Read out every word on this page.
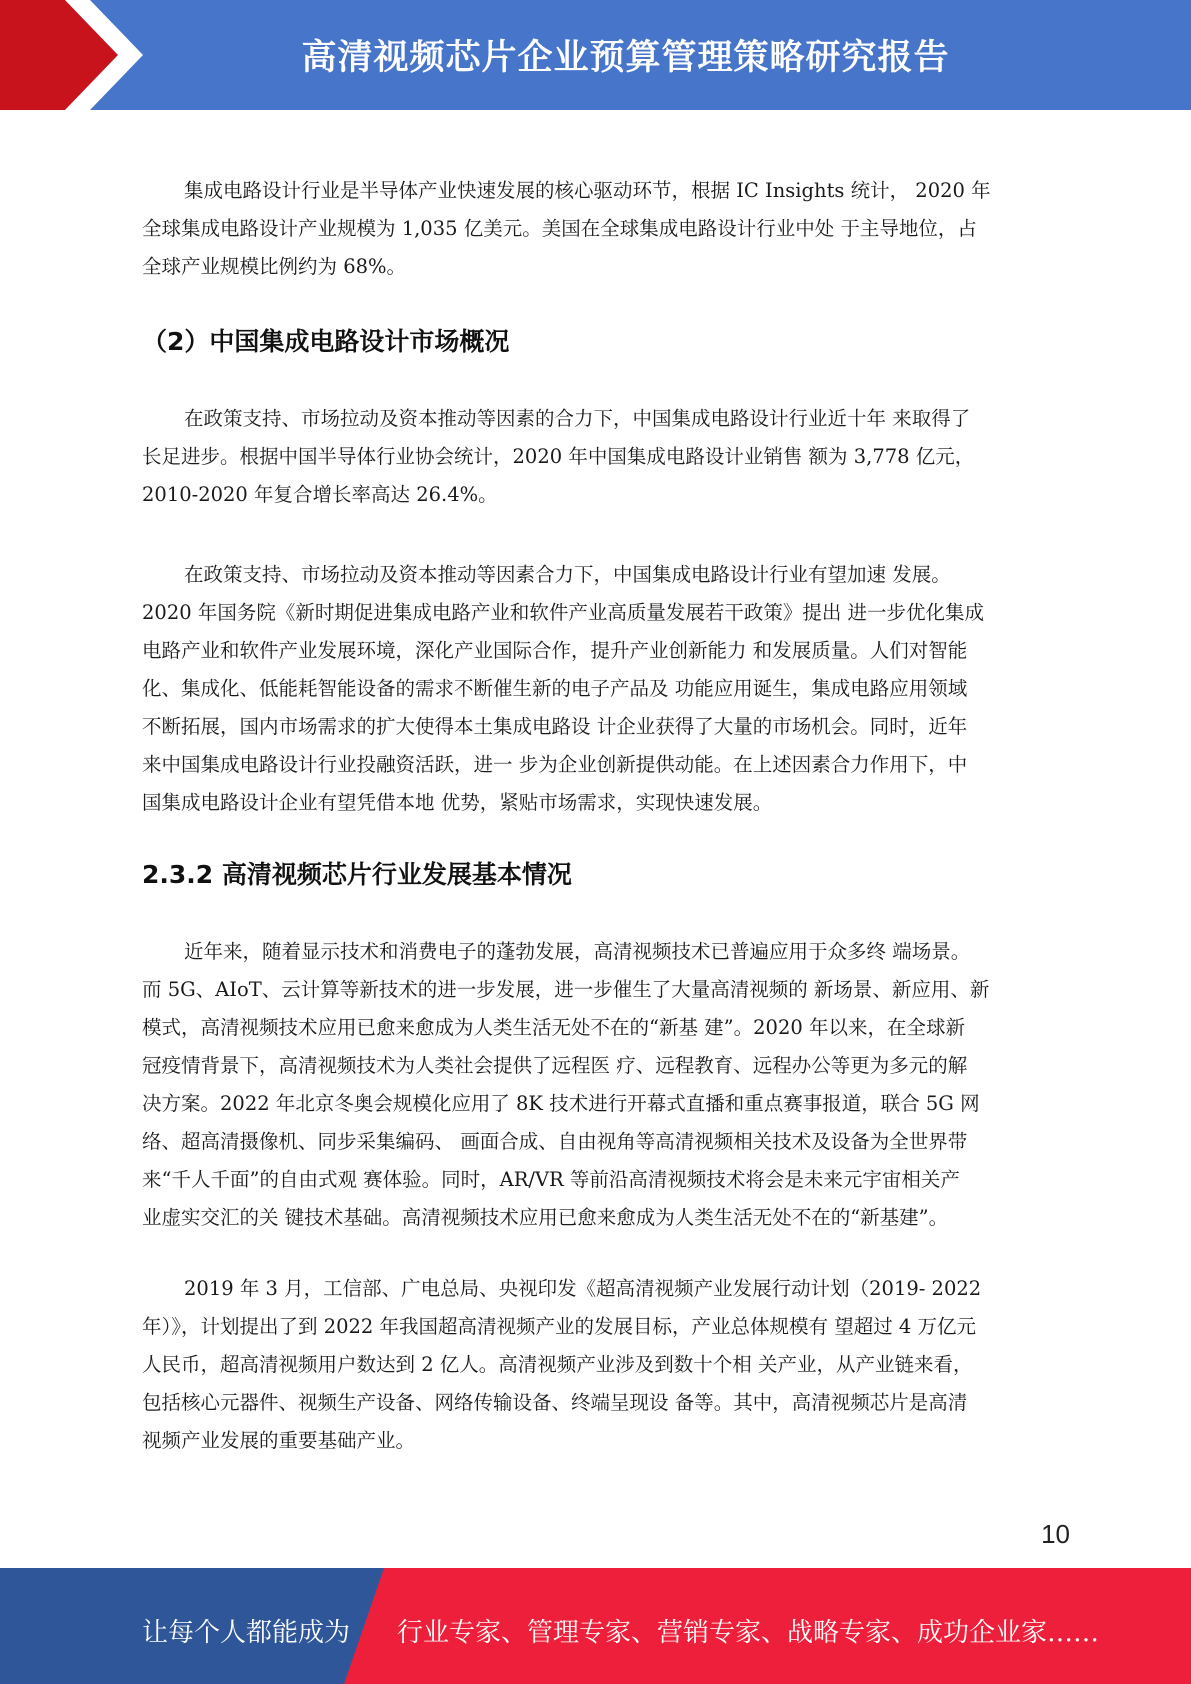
高清视频芯片企业预算管理策略研究报告

集成电路设计行业是半导体产业快速发展的核心驱动环节，根据 IC Insights 统计， 2020 年
全球集成电路设计产业规模为 1,035 亿美元。美国在全球集成电路设计行业中处 于主导地位，占
全球产业规模比例约为 68%。

（2）中国集成电路设计市场概况

在政策支持、市场拉动及资本推动等因素的合力下，中国集成电路设计行业近十年 来取得了
长足进步。根据中国半导体行业协会统计，2020 年中国集成电路设计业销售 额为 3,778 亿元，
2010-2020 年复合增长率高达 26.4%。

在政策支持、市场拉动及资本推动等因素合力下，中国集成电路设计行业有望加速 发展。
2020 年国务院《新时期促进集成电路产业和软件产业高质量发展若干政策》提出 进一步优化集成
电路产业和软件产业发展环境，深化产业国际合作，提升产业创新能力 和发展质量。人们对智能
化、集成化、低能耗智能设备的需求不断催生新的电子产品及 功能应用诞生，集成电路应用领域
不断拓展，国内市场需求的扩大使得本土集成电路设 计企业获得了大量的市场机会。同时，近年
来中国集成电路设计行业投融资活跃，进一 步为企业创新提供动能。在上述因素合力作用下，中
国集成电路设计企业有望凭借本地 优势，紧贴市场需求，实现快速发展。

2.3.2 高清视频芯片行业发展基本情况

近年来，随着显示技术和消费电子的蓬勃发展，高清视频技术已普遍应用于众多终 端场景。
而 5G、AIoT、云计算等新技术的进一步发展，进一步催生了大量高清视频的 新场景、新应用、新
模式，高清视频技术应用已愈来愈成为人类生活无处不在的“新基 建”。2020 年以来，在全球新
冠疫情背景下，高清视频技术为人类社会提供了远程医 疗、远程教育、远程办公等更为多元的解
决方案。2022 年北京冬奥会规模化应用了 8K 技术进行开幕式直播和重点赛事报道，联合 5G 网
络、超高清摄像机、同步采集编码、 画面合成、自由视角等高清视频相关技术及设备为全世界带
来“千人千面”的自由式观 赛体验。同时，AR/VR 等前沿高清视频技术将会是未来元宇宙相关产
业虚实交汇的关 键技术基础。高清视频技术应用已愈来愈成为人类生活无处不在的“新基建”。

2019 年 3 月，工信部、广电总局、央视印发《超高清视频产业发展行动计划（2019- 2022
年）》，计划提出了到 2022 年我国超高清视频产业的发展目标，产业总体规模有 望超过 4 万亿元
人民币，超高清视频用户数达到 2 亿人。高清视频产业涉及到数十个相 关产业，从产业链来看，
包括核心元器件、视频生产设备、网络传输设备、终端呈现设 备等。其中，高清视频芯片是高清
视频产业发展的重要基础产业。

10
让每个人都能成为 行业专家、管理专家、营销专家、战略专家、成功企业家……
